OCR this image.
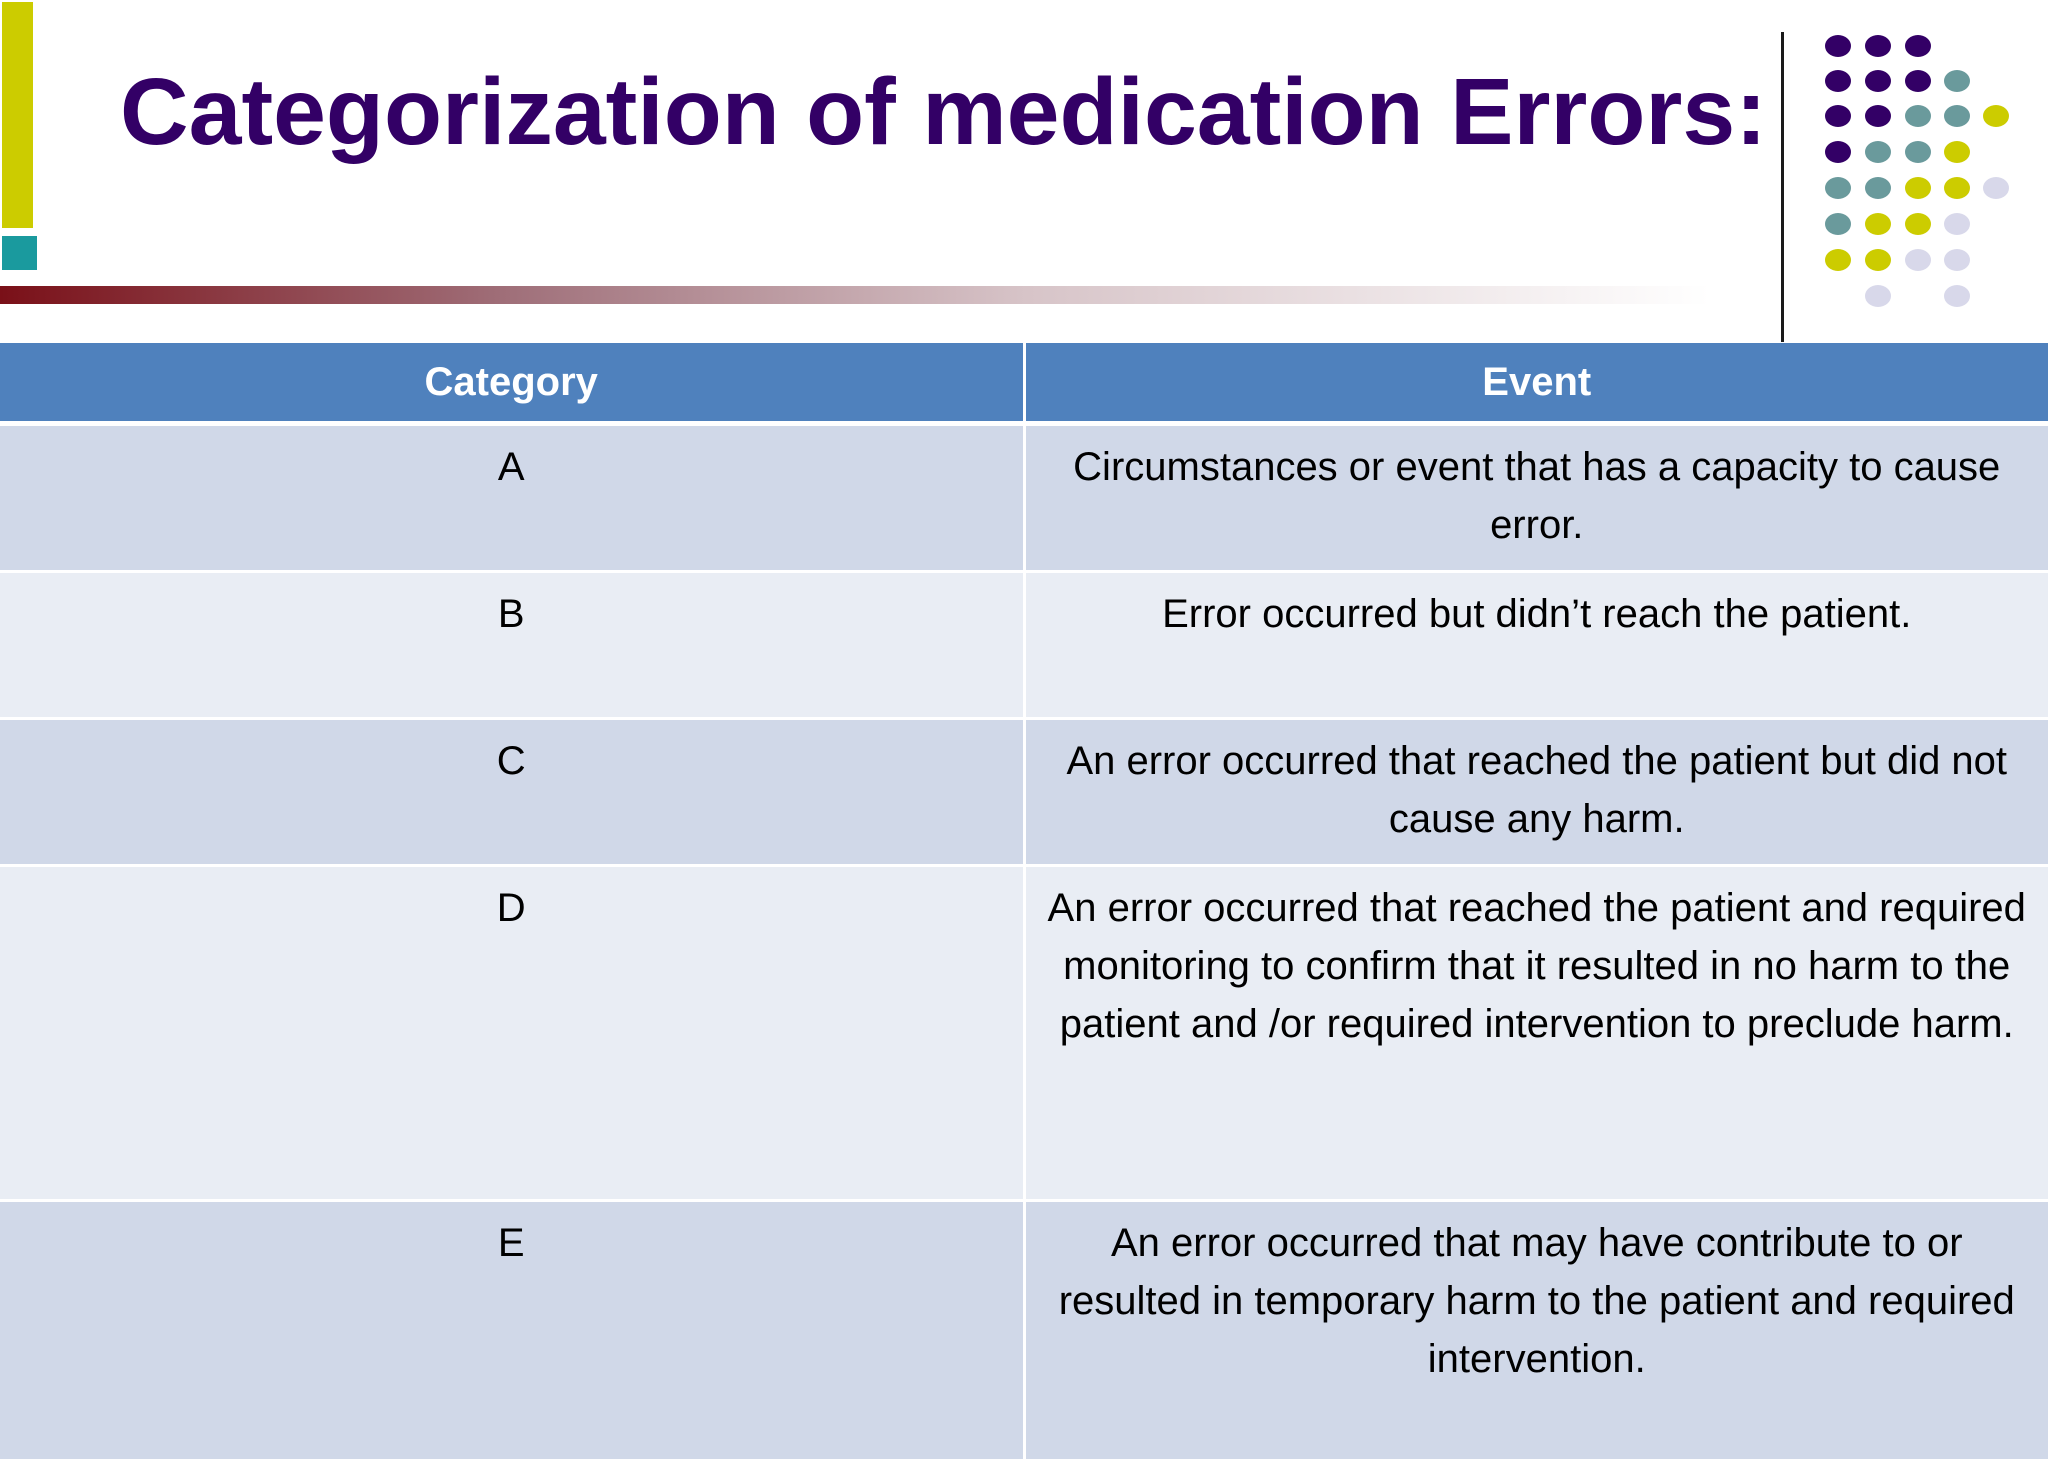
Categorization of medication Errors:
Category	Event
A	Circumstances or event that has a capacity to cause error.
B	Error occurred but didn’t reach the patient.
C	An error occurred that reached the patient but did not cause any harm.
D	An error occurred that reached the patient and required monitoring to confirm that it resulted in no harm to the patient and /or required intervention to preclude harm.
E	An error occurred that may have contribute to or resulted in temporary harm to the patient and required intervention.
